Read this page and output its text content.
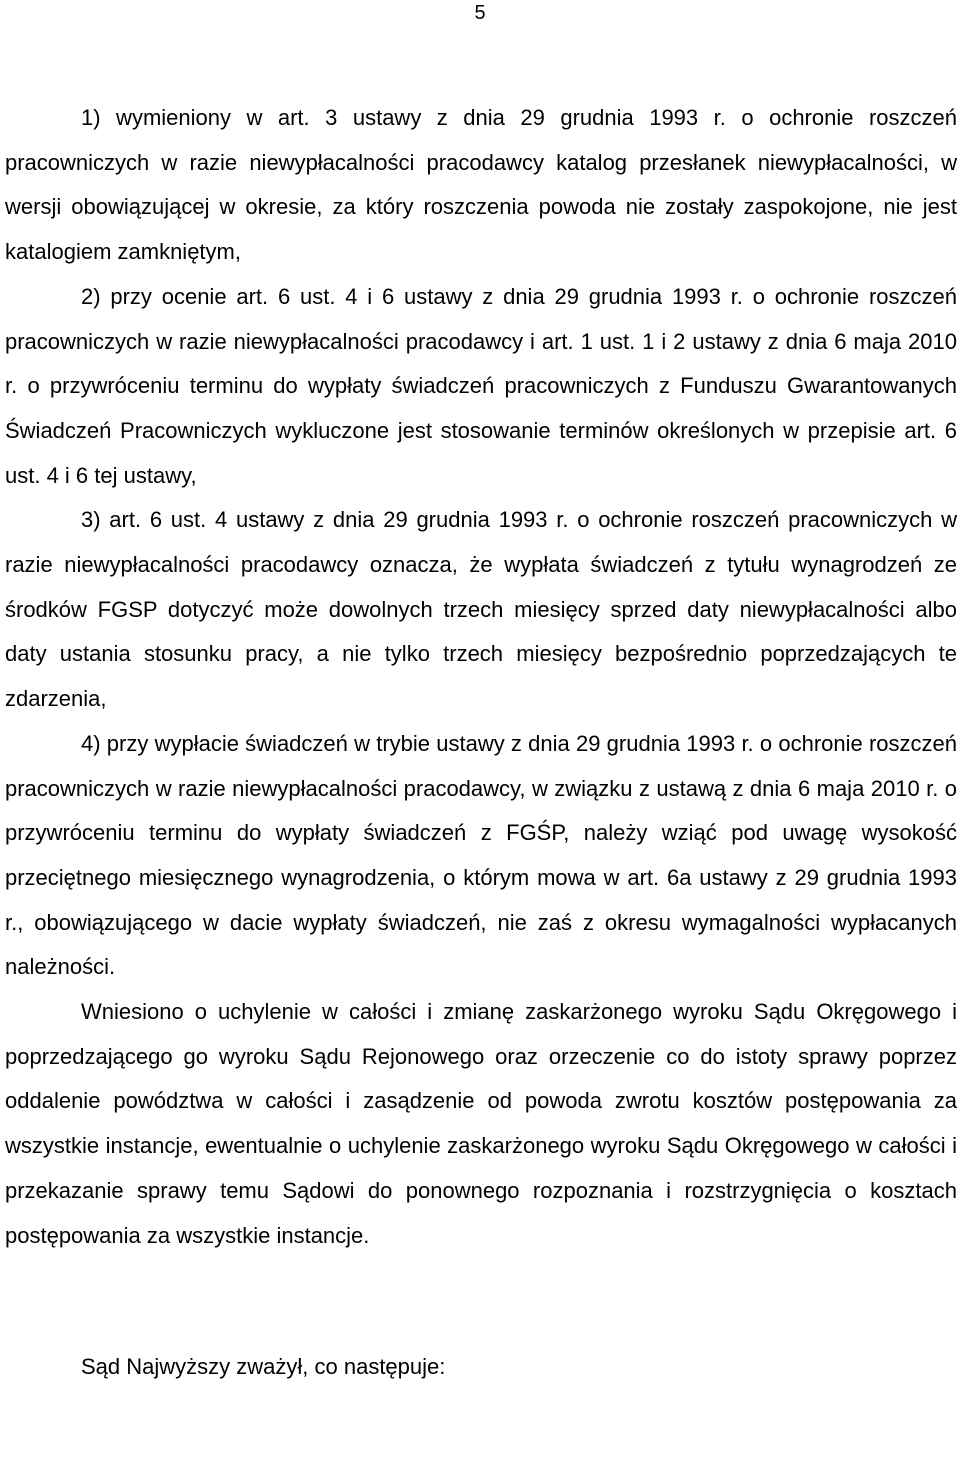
5

1) wymieniony w art. 3 ustawy z dnia 29 grudnia 1993 r. o ochronie roszczeń pracowniczych w razie niewypłacalności pracodawcy katalog przesłanek niewypłacalności, w wersji obowiązującej w okresie, za który roszczenia powoda nie zostały zaspokojone, nie jest katalogiem zamkniętym,

2) przy ocenie art. 6 ust. 4 i 6 ustawy z dnia 29 grudnia 1993 r. o ochronie roszczeń pracowniczych w razie niewypłacalności pracodawcy i art. 1 ust. 1 i 2 ustawy z dnia 6 maja 2010 r. o przywróceniu terminu do wypłaty świadczeń pracowniczych z Funduszu Gwarantowanych Świadczeń Pracowniczych wykluczone jest stosowanie terminów określonych w przepisie art. 6 ust. 4 i 6 tej ustawy,

3) art. 6 ust. 4 ustawy z dnia 29 grudnia 1993 r. o ochronie roszczeń pracowniczych w razie niewypłacalności pracodawcy oznacza, że wypłata świadczeń z tytułu wynagrodzeń ze środków FGSP dotyczyć może dowolnych trzech miesięcy sprzed daty niewypłacalności albo daty ustania stosunku pracy, a nie tylko trzech miesięcy bezpośrednio poprzedzających te zdarzenia,

4) przy wypłacie świadczeń w trybie ustawy z dnia 29 grudnia 1993 r. o ochronie roszczeń pracowniczych w razie niewypłacalności pracodawcy, w związku z ustawą z dnia 6 maja 2010 r. o przywróceniu terminu do wypłaty świadczeń z FGŚP, należy wziąć pod uwagę wysokość przeciętnego miesięcznego wynagrodzenia, o którym mowa w art. 6a ustawy z 29 grudnia 1993 r., obowiązującego w dacie wypłaty świadczeń, nie zaś z okresu wymagalności wypłacanych należności.

Wniesiono o uchylenie w całości i zmianę zaskarżonego wyroku Sądu Okręgowego i poprzedzającego go wyroku Sądu Rejonowego oraz orzeczenie co do istoty sprawy poprzez oddalenie powództwa w całości i zasądzenie od powoda zwrotu kosztów postępowania za wszystkie instancje, ewentualnie o uchylenie zaskarżonego wyroku Sądu Okręgowego w całości i przekazanie sprawy temu Sądowi do ponownego rozpoznania i rozstrzygnięcia o kosztach postępowania za wszystkie instancje.

Sąd Najwyższy zważył, co następuje:
